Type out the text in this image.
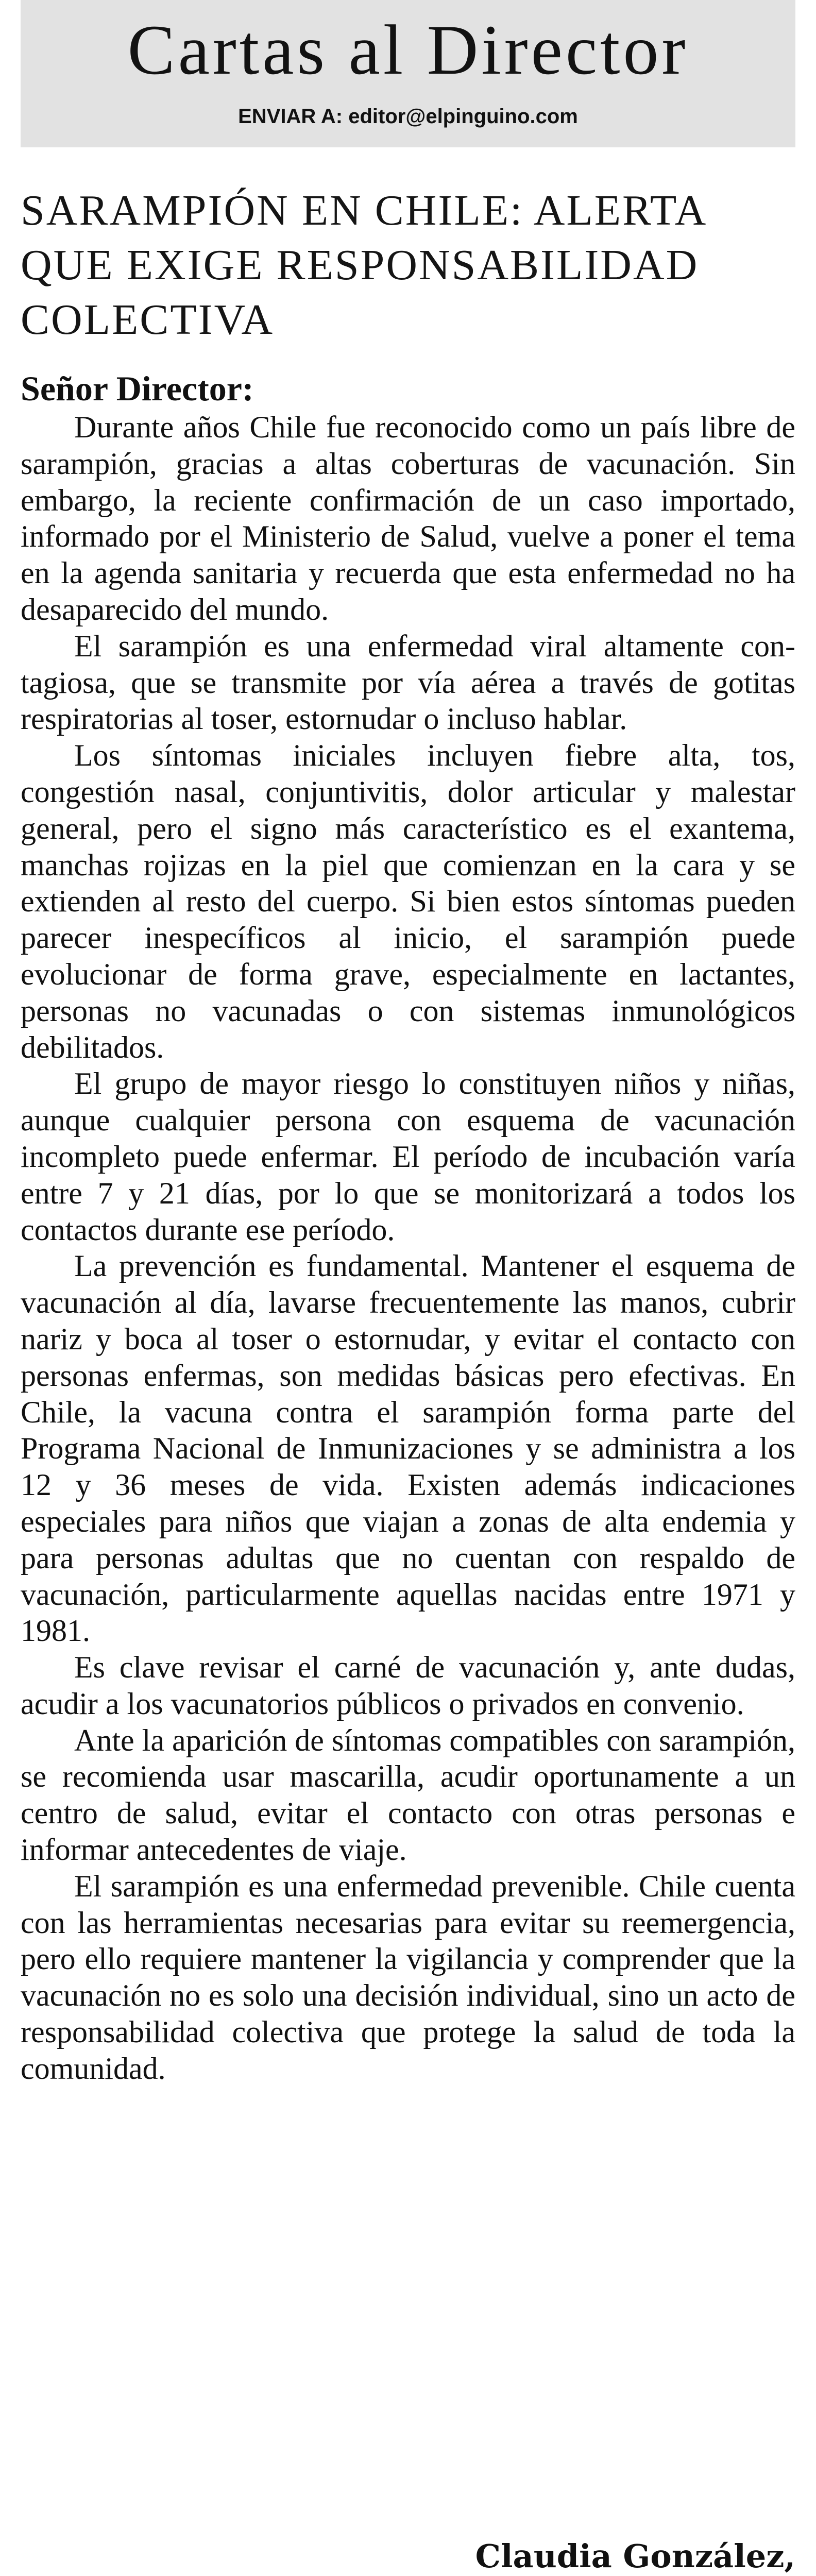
Cartas al Director
ENVIAR A: editor@elpinguino.com
SARAMPIÓN EN CHILE: ALERTA
QUE EXIGE RESPONSABILIDAD
COLECTIVA
Señor Director:

Durante años Chile fue reconocido como un país libre de sarampión, gracias a altas coberturas de vacunación. Sin embargo, la reciente confirmación de un caso importado, informado por el Ministerio de Salud, vuelve a poner el tema en la agenda sanitaria y recuerda que esta enfermedad no ha desaparecido del mundo.

El sarampión es una enfermedad viral altamente contagiosa, que se transmite por vía aérea a través de gotitas respiratorias al toser, estornudar o incluso hablar.

Los síntomas iniciales incluyen fiebre alta, tos, congestión nasal, conjuntivitis, dolor articular y malestar general, pero el signo más característico es el exantema, manchas rojizas en la piel que comienzan en la cara y se extienden al resto del cuerpo. Si bien estos síntomas pueden parecer inespecíficos al inicio, el sarampión puede evolucionar de forma grave, especialmente en lactantes, personas no vacunadas o con sistemas inmunológicos debilitados.

El grupo de mayor riesgo lo constituyen niños y niñas, aunque cualquier persona con esquema de vacunación incompleto puede enfermar. El período de incubación varía entre 7 y 21 días, por lo que se monitorizará a todos los contactos durante ese período.

La prevención es fundamental. Mantener el esquema de vacunación al día, lavarse frecuentemente las manos, cubrir nariz y boca al toser o estornudar, y evitar el contacto con personas enfermas, son medidas básicas pero efectivas. En Chile, la vacuna contra el sarampión forma parte del Programa Nacional de Inmunizaciones y se administra a los 12 y 36 meses de vida. Existen además indicaciones especiales para niños que viajan a zonas de alta endemia y para personas adultas que no cuentan con respaldo de vacunación, particularmente aquellas nacidas entre 1971 y 1981.

Es clave revisar el carné de vacunación y, ante dudas, acudir a los vacunatorios públicos o privados en convenio.

Ante la aparición de síntomas compatibles con sarampión, se recomienda usar mascarilla, acudir oportunamente a un centro de salud, evitar el contacto con otras personas e informar antecedentes de viaje.

El sarampión es una enfermedad prevenible. Chile cuenta con las herramientas necesarias para evitar su reemergencia, pero ello requiere mantener la vigilancia y comprender que la vacunación no es solo una decisión individual, sino un acto de responsabilidad colectiva que protege la salud de toda la comunidad.

Claudia González,
